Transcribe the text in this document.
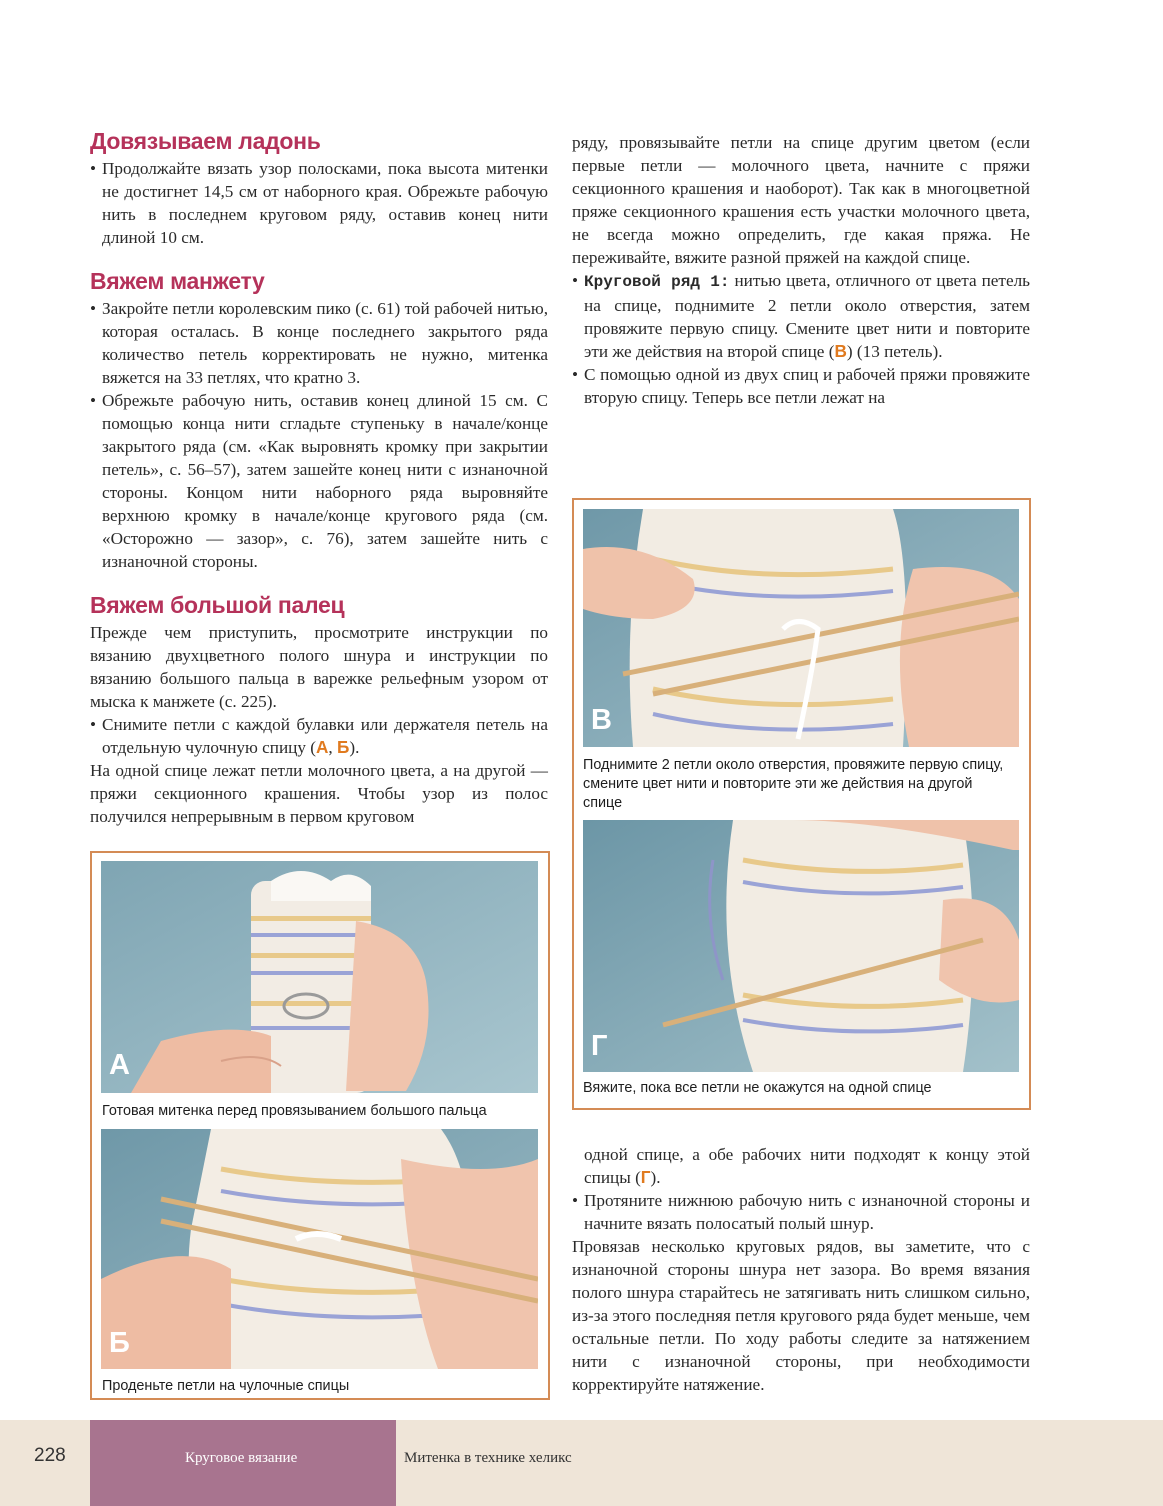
Довязываем ладонь

• Продолжайте вязать узор полосками, пока высота митенки не достигнет 14,5 см от наборного края. Обрежьте рабочую нить в последнем круговом ряду, оставив конец нити длиной 10 см.

Вяжем манжету

• Закройте петли королевским пико (с. 61) той рабочей нитью, которая осталась. В конце последнего закрытого ряда количество петель корректировать не нужно, митенка вяжется на 33 петлях, что кратно 3.

• Обрежьте рабочую нить, оставив конец длиной 15 см. С помощью конца нити сгладьте ступеньку в начале/конце закрытого ряда (см. «Как выровнять кромку при закрытии петель», с. 56–57), затем зашейте конец нити с изнаночной стороны. Концом нити наборного ряда выровняйте верхнюю кромку в начале/конце кругового ряда (см. «Осторожно — зазор», с. 76), затем зашейте нить с изнаночной стороны.

Вяжем большой палец

Прежде чем приступить, просмотрите инструкции по вязанию двухцветного полого шнура и инструкции по вязанию большого пальца в варежке рельефным узором от мыска к манжете (с. 225).

• Снимите петли с каждой булавки или держателя петель на отдельную чулочную спицу (А, Б).

На одной спице лежат петли молочного цвета, а на другой — пряжи секционного крашения. Чтобы узор из полос получился непрерывным в первом круговом

ряду, провязывайте петли на спице другим цветом (если первые петли — молочного цвета, начните с пряжи секционного крашения и наоборот). Так как в многоцветной пряже секционного крашения есть участки молочного цвета, не всегда можно определить, где какая пряжа. Не переживайте, вяжите разной пряжей на каждой спице.

• Круговой ряд 1: нитью цвета, отличного от цвета петель на спице, поднимите 2 петли около отверстия, затем провяжите первую спицу. Смените цвет нити и повторите эти же действия на второй спице (В) (13 петель).

• С помощью одной из двух спиц и рабочей пряжи провяжите вторую спицу. Теперь все петли лежат на

одной спице, а обе рабочих нити подходят к концу этой спицы (Г).

• Протяните нижнюю рабочую нить с изнаночной стороны и начните вязать полосатый полый шнур.

Провязав несколько круговых рядов, вы заметите, что с изнаночной стороны шнура нет зазора. Во время вязания полого шнура старайтесь не затягивать нить слишком сильно, из-за этого последняя петля кругового ряда будет меньше, чем остальные петли. По ходу работы следите за натяжением нити с изнаночной стороны, при необходимости корректируйте натяжение.

А
Готовая митенка перед провязыванием большого пальца
Б
Проденьте петли на чулочные спицы
В
Поднимите 2 петли около отверстия, провяжите первую спицу, смените цвет нити и повторите эти же действия на другой спице
Г
Вяжите, пока все петли не окажутся на одной спице
228	Круговое вязание	Митенка в технике хеликс
